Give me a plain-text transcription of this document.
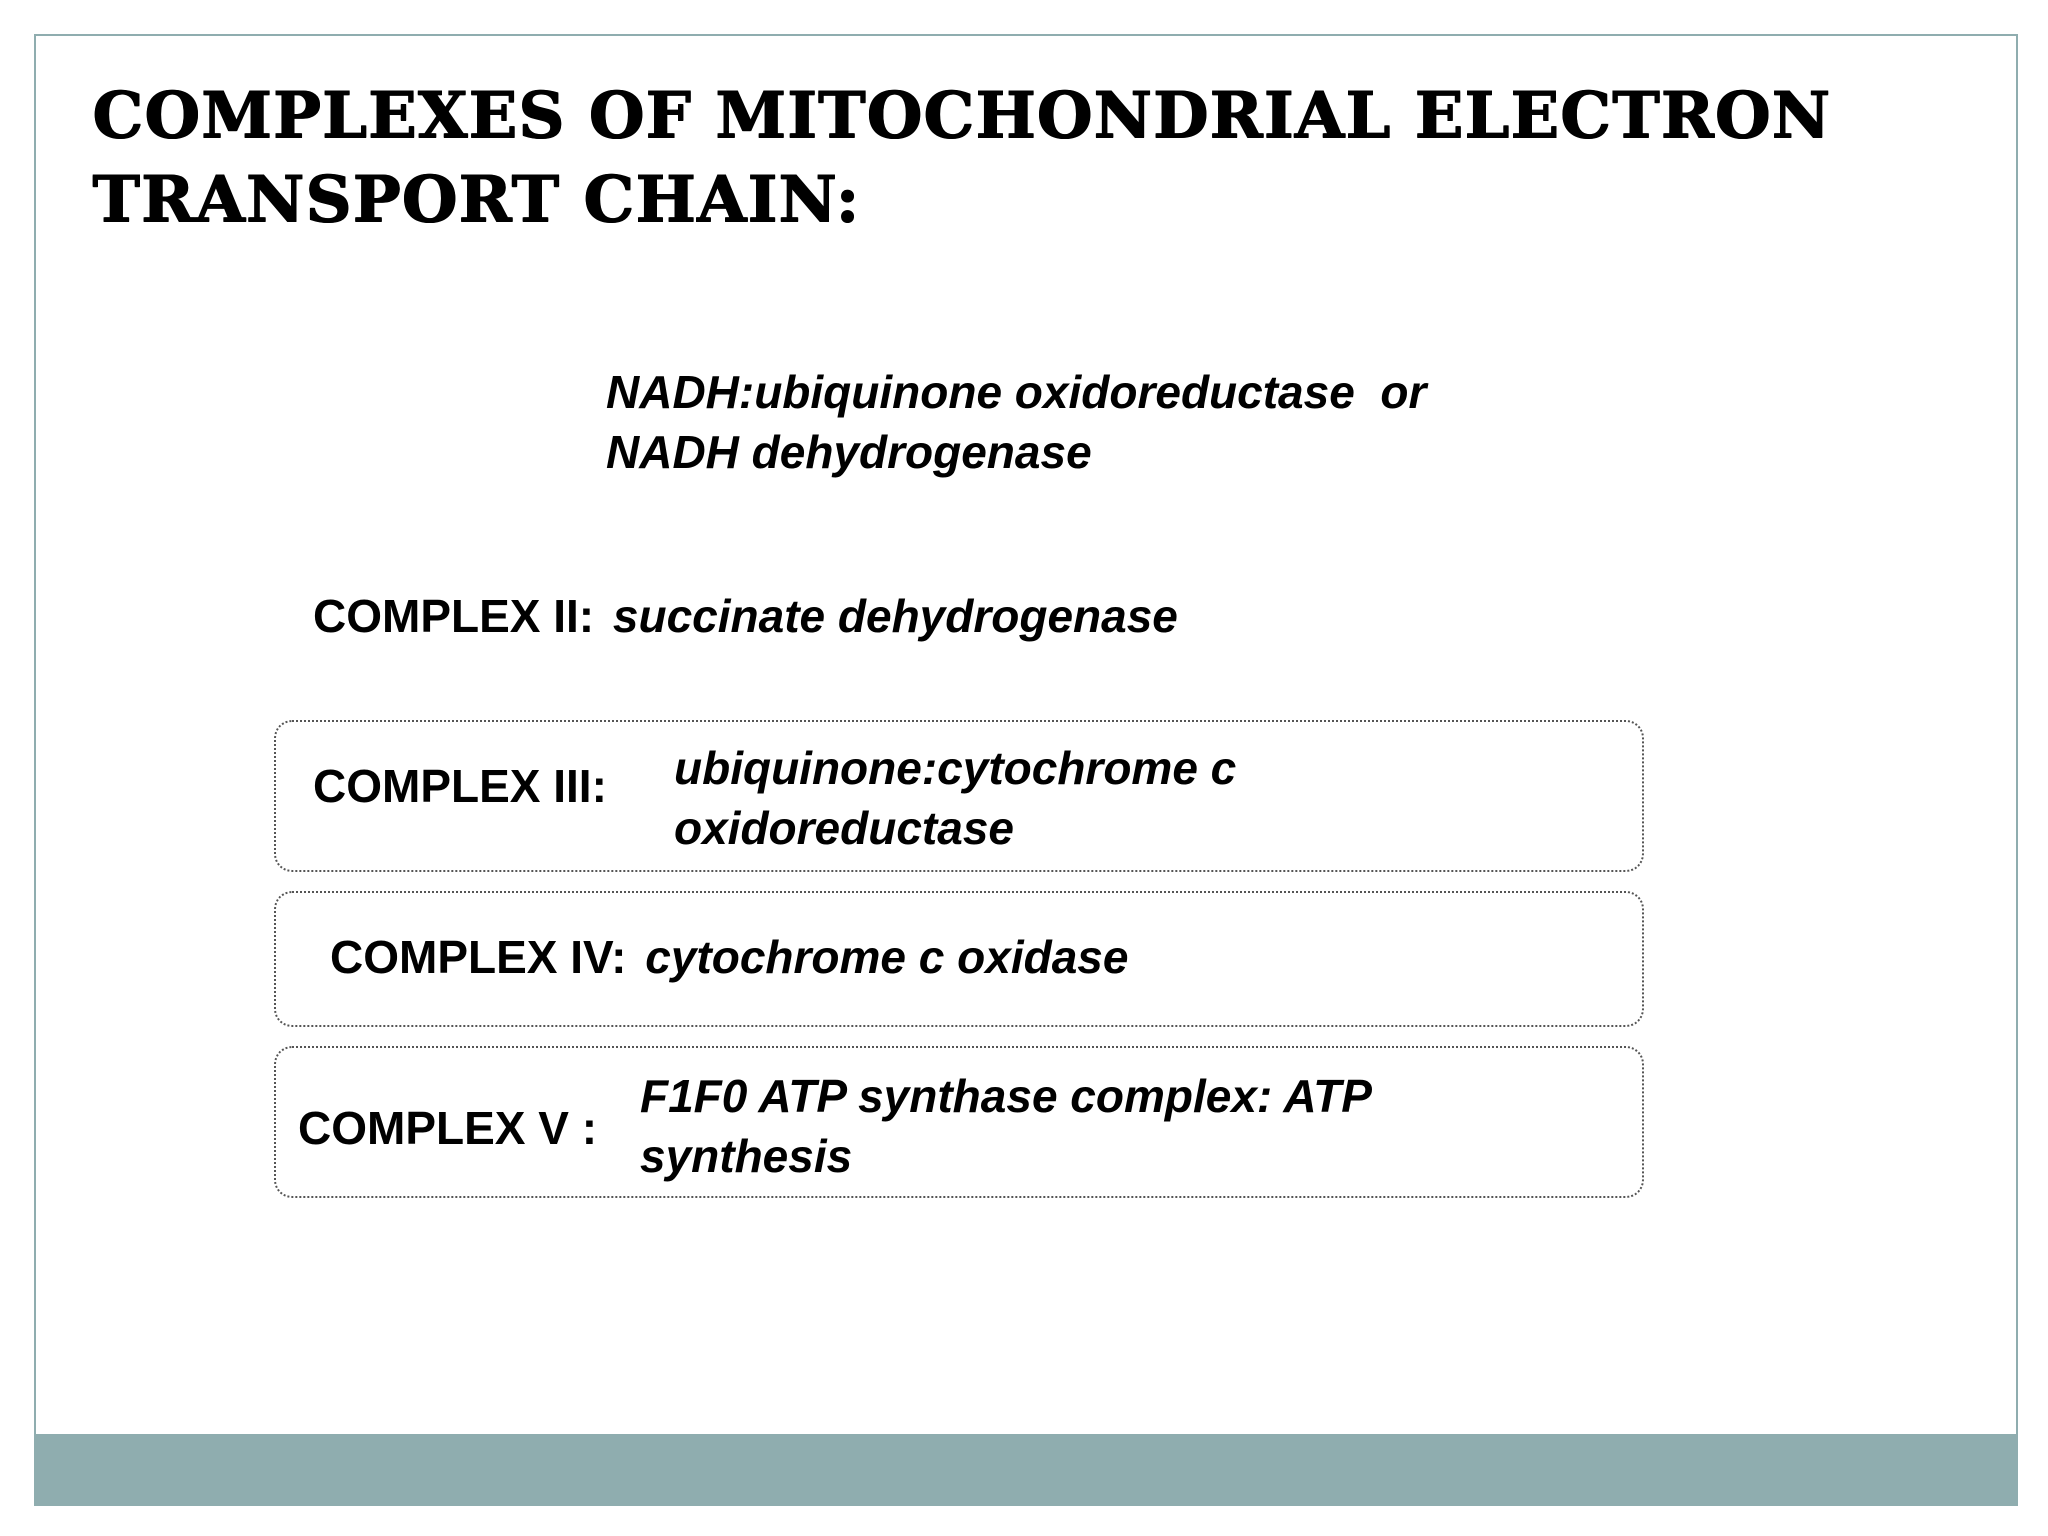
COMPLEXES OF MITOCHONDRIAL ELECTRON
TRANSPORT CHAIN:
NADH:ubiquinone oxidoreductase  or
NADH dehydrogenase
COMPLEX II: succinate dehydrogenase
COMPLEX III: ubiquinone:cytochrome c
oxidoreductase
COMPLEX IV: cytochrome c oxidase
COMPLEX V :
F1F0 ATP synthase complex: ATP
synthesis
